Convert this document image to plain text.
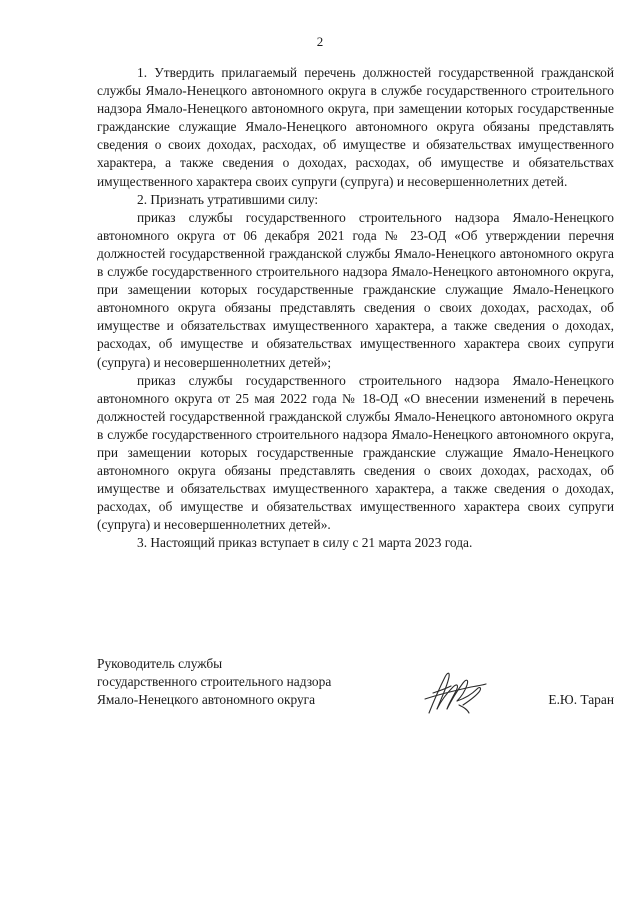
2

1. Утвердить прилагаемый перечень должностей государственной гражданской службы Ямало-Ненецкого автономного округа в службе государственного строительного надзора Ямало-Ненецкого автономного округа, при замещении которых государственные гражданские служащие Ямало-Ненецкого автономного округа обязаны представлять сведения о своих доходах, расходах, об имуществе и обязательствах имущественного характера, а также сведения о доходах, расходах, об имуществе и обязательствах имущественного характера своих супруги (супруга) и несовершеннолетних детей.

2. Признать утратившими силу:

приказ службы государственного строительного надзора Ямало-Ненецкого автономного округа от 06 декабря 2021 года № 23-ОД «Об утверждении перечня должностей государственной гражданской службы Ямало-Ненецкого автономного округа в службе государственного строительного надзора Ямало-Ненецкого автономного округа, при замещении которых государственные гражданские служащие Ямало-Ненецкого автономного округа обязаны представлять сведения о своих доходах, расходах, об имуществе и обязательствах имущественного характера, а также сведения о доходах, расходах, об имуществе и обязательствах имущественного характера своих супруги (супруга) и несовершеннолетних детей»;

приказ службы государственного строительного надзора Ямало-Ненецкого автономного округа от 25 мая 2022 года № 18-ОД «О внесении изменений в перечень должностей государственной гражданской службы Ямало-Ненецкого автономного округа в службе государственного строительного надзора Ямало-Ненецкого автономного округа, при замещении которых государственные гражданские служащие Ямало-Ненецкого автономного округа обязаны представлять сведения о своих доходах, расходах, об имуществе и обязательствах имущественного характера, а также сведения о доходах, расходах, об имуществе и обязательствах имущественного характера своих супруги (супруга) и несовершеннолетних детей».

3. Настоящий приказ вступает в силу с 21 марта 2023 года.

Руководитель службы
государственного строительного надзора
Ямало-Ненецкого автономного округа	Е.Ю. Таран
